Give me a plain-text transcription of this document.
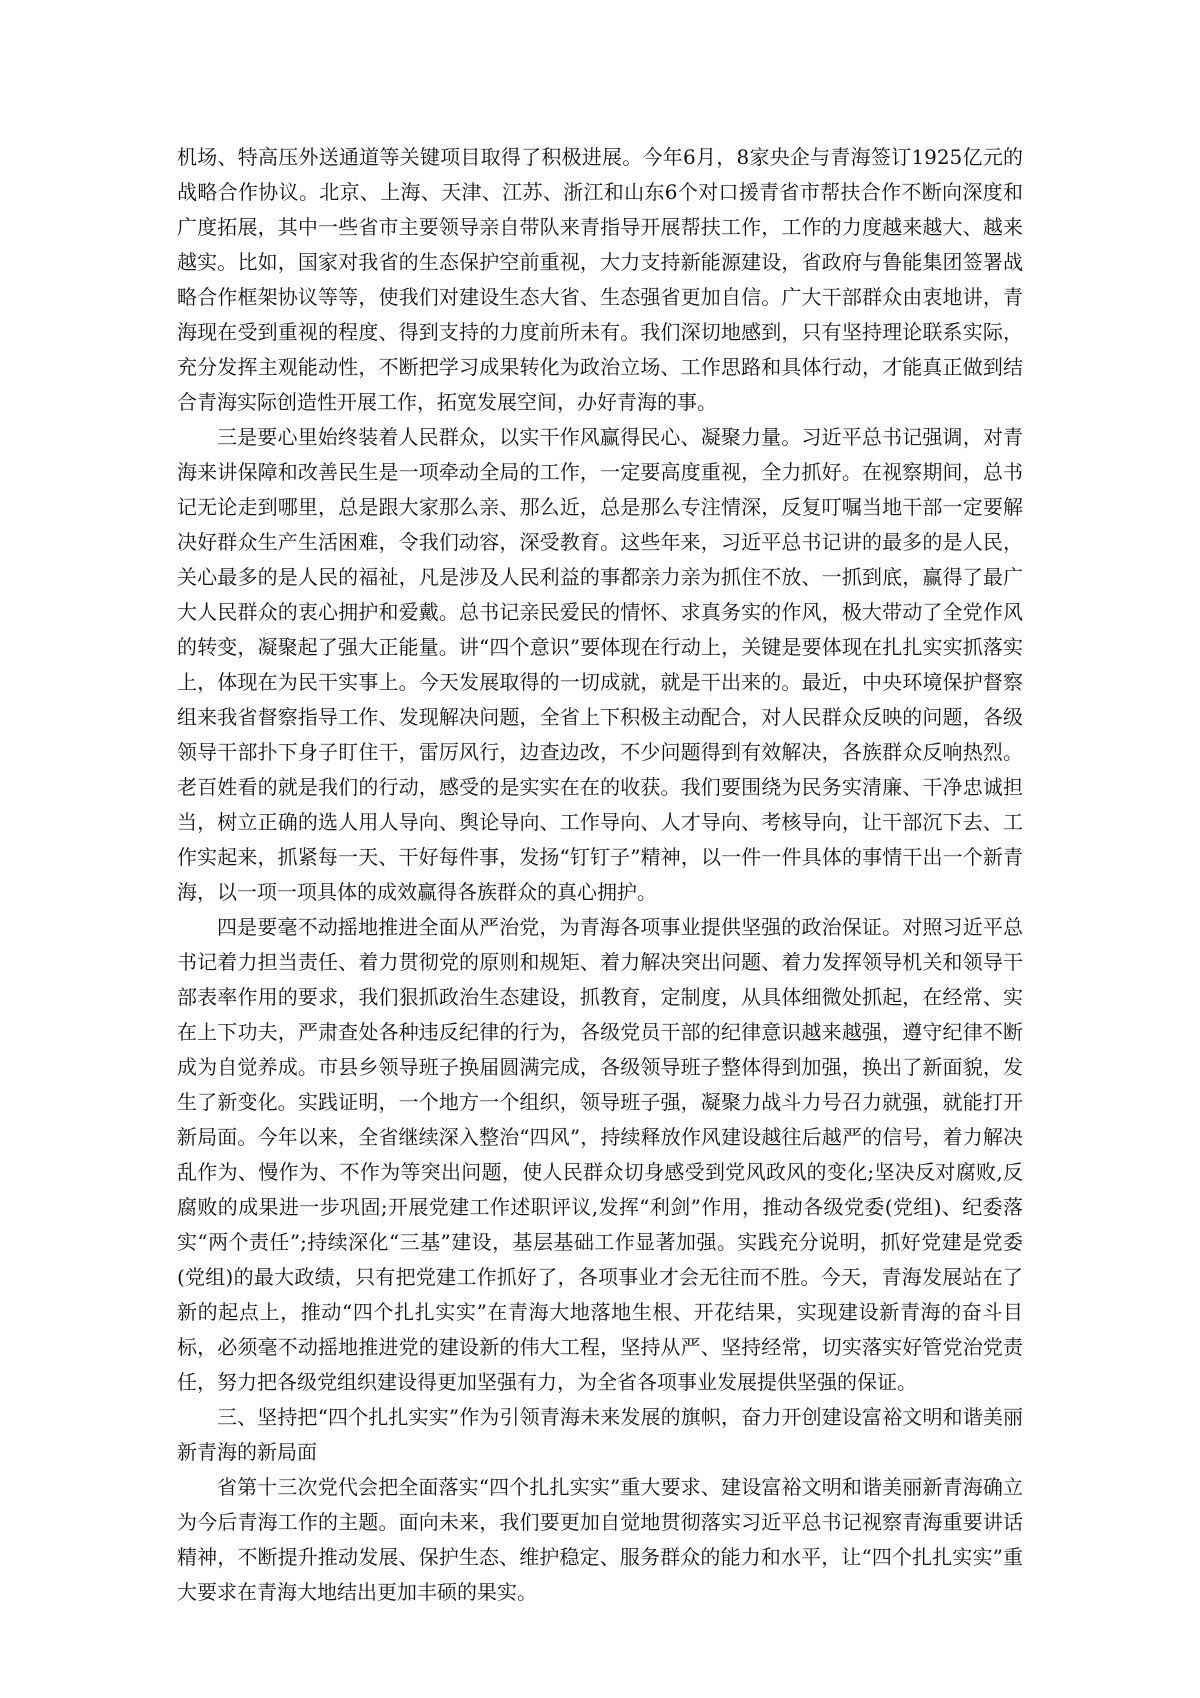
机场、特高压外送通道等关键项目取得了积极进展。今年6月，8家央企与青海签订1925亿元的战略合作协议。北京、上海、天津、江苏、浙江和山东6个对口援青省市帮扶合作不断向深度和广度拓展，其中一些省市主要领导亲自带队来青指导开展帮扶工作，工作的力度越来越大、越来越实。比如，国家对我省的生态保护空前重视，大力支持新能源建设，省政府与鲁能集团签署战略合作框架协议等等，使我们对建设生态大省、生态强省更加自信。广大干部群众由衷地讲，青海现在受到重视的程度、得到支持的力度前所未有。我们深切地感到，只有坚持理论联系实际，充分发挥主观能动性，不断把学习成果转化为政治立场、工作思路和具体行动，才能真正做到结合青海实际创造性开展工作，拓宽发展空间，办好青海的事。

三是要心里始终装着人民群众，以实干作风赢得民心、凝聚力量。习近平总书记强调，对青海来讲保障和改善民生是一项牵动全局的工作，一定要高度重视，全力抓好。在视察期间，总书记无论走到哪里，总是跟大家那么亲、那么近，总是那么专注情深，反复叮嘱当地干部一定要解决好群众生产生活困难，令我们动容，深受教育。这些年来，习近平总书记讲的最多的是人民，关心最多的是人民的福祉，凡是涉及人民利益的事都亲力亲为抓住不放、一抓到底，赢得了最广大人民群众的衷心拥护和爱戴。总书记亲民爱民的情怀、求真务实的作风，极大带动了全党作风的转变，凝聚起了强大正能量。讲“四个意识”要体现在行动上，关键是要体现在扎扎实实抓落实上，体现在为民干实事上。今天发展取得的一切成就，就是干出来的。最近，中央环境保护督察组来我省督察指导工作、发现解决问题，全省上下积极主动配合，对人民群众反映的问题，各级领导干部扑下身子盯住干，雷厉风行，边查边改，不少问题得到有效解决，各族群众反响热烈。老百姓看的就是我们的行动，感受的是实实在在的收获。我们要围绕为民务实清廉、干净忠诚担当，树立正确的选人用人导向、舆论导向、工作导向、人才导向、考核导向，让干部沉下去、工作实起来，抓紧每一天、干好每件事，发扬“钉钉子”精神，以一件一件具体的事情干出一个新青海，以一项一项具体的成效赢得各族群众的真心拥护。

四是要毫不动摇地推进全面从严治党，为青海各项事业提供坚强的政治保证。对照习近平总书记着力担当责任、着力贯彻党的原则和规矩、着力解决突出问题、着力发挥领导机关和领导干部表率作用的要求，我们狠抓政治生态建设，抓教育，定制度，从具体细微处抓起，在经常、实在上下功夫，严肃查处各种违反纪律的行为，各级党员干部的纪律意识越来越强，遵守纪律不断成为自觉养成。市县乡领导班子换届圆满完成，各级领导班子整体得到加强，换出了新面貌，发生了新变化。实践证明，一个地方一个组织，领导班子强，凝聚力战斗力号召力就强，就能打开新局面。今年以来，全省继续深入整治“四风”，持续释放作风建设越往后越严的信号，着力解决乱作为、慢作为、不作为等突出问题，使人民群众切身感受到党风政风的变化;坚决反对腐败,反腐败的成果进一步巩固;开展党建工作述职评议,发挥“利剑”作用，推动各级党委(党组)、纪委落实“两个责任”;持续深化“三基”建设，基层基础工作显著加强。实践充分说明，抓好党建是党委(党组)的最大政绩，只有把党建工作抓好了，各项事业才会无往而不胜。今天，青海发展站在了新的起点上，推动“四个扎扎实实”在青海大地落地生根、开花结果，实现建设新青海的奋斗目标，必须毫不动摇地推进党的建设新的伟大工程，坚持从严、坚持经常，切实落实好管党治党责任，努力把各级党组织建设得更加坚强有力，为全省各项事业发展提供坚强的保证。

三、坚持把“四个扎扎实实”作为引领青海未来发展的旗帜，奋力开创建设富裕文明和谐美丽新青海的新局面

省第十三次党代会把全面落实“四个扎扎实实”重大要求、建设富裕文明和谐美丽新青海确立为今后青海工作的主题。面向未来，我们要更加自觉地贯彻落实习近平总书记视察青海重要讲话精神，不断提升推动发展、保护生态、维护稳定、服务群众的能力和水平，让“四个扎扎实实”重大要求在青海大地结出更加丰硕的果实。
